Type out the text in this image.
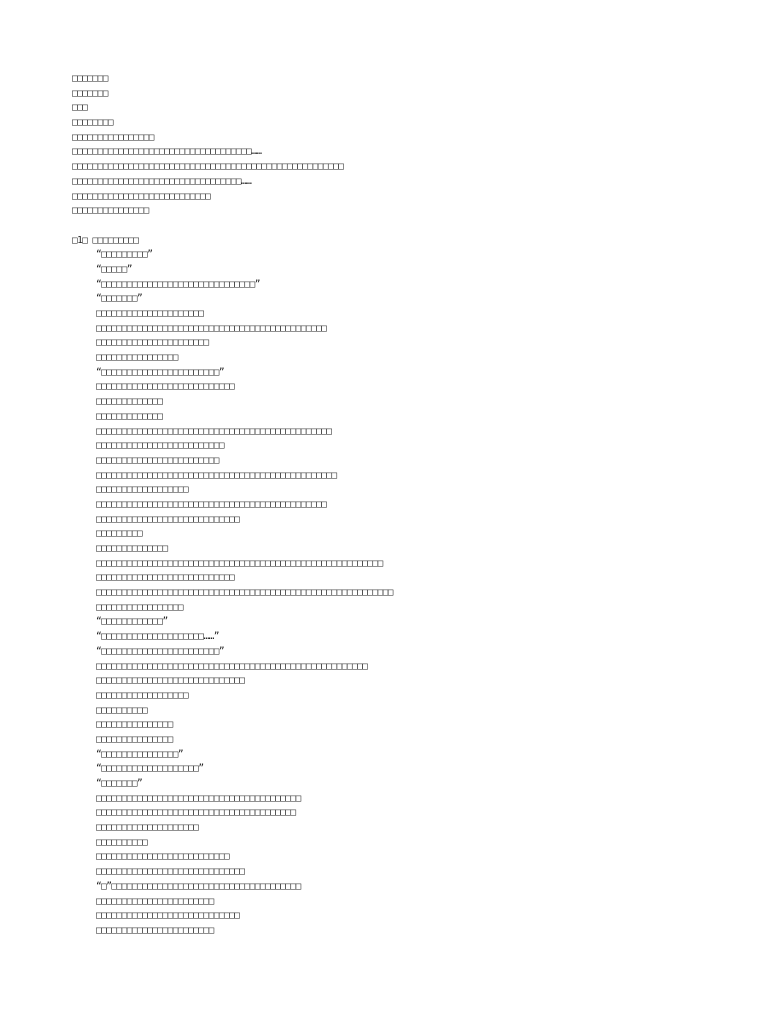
□□□□□□□
□□□□□□□
□□□
□□□□□□□□
□□□□□□□□□□□□□□□□
□□□□□□□□□□□□□□□□□□□□□□□□□□□□□□□□□□□……
□□□□□□□□□□□□□□□□□□□□□□□□□□□□□□□□□□□□□□□□□□□□□□□□□□□□□
□□□□□□□□□□□□□□□□□□□□□□□□□□□□□□□□□……
□□□□□□□□□□□□□□□□□□□□□□□□□□□
□□□□□□□□□□□□□□□
□1□ □□□□□□□□□
“□□□□□□□□□”
“□□□□□”
“□□□□□□□□□□□□□□□□□□□□□□□□□□□□□□”
“□□□□□□□”
□□□□□□□□□□□□□□□□□□□□□
□□□□□□□□□□□□□□□□□□□□□□□□□□□□□□□□□□□□□□□□□□□□□
□□□□□□□□□□□□□□□□□□□□□□
□□□□□□□□□□□□□□□□
“□□□□□□□□□□□□□□□□□□□□□□□”
□□□□□□□□□□□□□□□□□□□□□□□□□□□
□□□□□□□□□□□□□
□□□□□□□□□□□□□
□□□□□□□□□□□□□□□□□□□□□□□□□□□□□□□□□□□□□□□□□□□□□□
□□□□□□□□□□□□□□□□□□□□□□□□□
□□□□□□□□□□□□□□□□□□□□□□□□
□□□□□□□□□□□□□□□□□□□□□□□□□□□□□□□□□□□□□□□□□□□□□□□
□□□□□□□□□□□□□□□□□□
□□□□□□□□□□□□□□□□□□□□□□□□□□□□□□□□□□□□□□□□□□□□□
□□□□□□□□□□□□□□□□□□□□□□□□□□□□
□□□□□□□□□
□□□□□□□□□□□□□□
□□□□□□□□□□□□□□□□□□□□□□□□□□□□□□□□□□□□□□□□□□□□□□□□□□□□□□□□
□□□□□□□□□□□□□□□□□□□□□□□□□□□
□□□□□□□□□□□□□□□□□□□□□□□□□□□□□□□□□□□□□□□□□□□□□□□□□□□□□□□□□□
□□□□□□□□□□□□□□□□□
“□□□□□□□□□□□□”
“□□□□□□□□□□□□□□□□□□□□……”
“□□□□□□□□□□□□□□□□□□□□□□□”
□□□□□□□□□□□□□□□□□□□□□□□□□□□□□□□□□□□□□□□□□□□□□□□□□□□□□
□□□□□□□□□□□□□□□□□□□□□□□□□□□□□
□□□□□□□□□□□□□□□□□□
□□□□□□□□□□
□□□□□□□□□□□□□□□
□□□□□□□□□□□□□□□
“□□□□□□□□□□□□□□□”
“□□□□□□□□□□□□□□□□□□□”
“□□□□□□□”
□□□□□□□□□□□□□□□□□□□□□□□□□□□□□□□□□□□□□□□□
□□□□□□□□□□□□□□□□□□□□□□□□□□□□□□□□□□□□□□□
□□□□□□□□□□□□□□□□□□□□
□□□□□□□□□□
□□□□□□□□□□□□□□□□□□□□□□□□□□
□□□□□□□□□□□□□□□□□□□□□□□□□□□□□
“□”□□□□□□□□□□□□□□□□□□□□□□□□□□□□□□□□□□□□□
□□□□□□□□□□□□□□□□□□□□□□□
□□□□□□□□□□□□□□□□□□□□□□□□□□□□
□□□□□□□□□□□□□□□□□□□□□□□
